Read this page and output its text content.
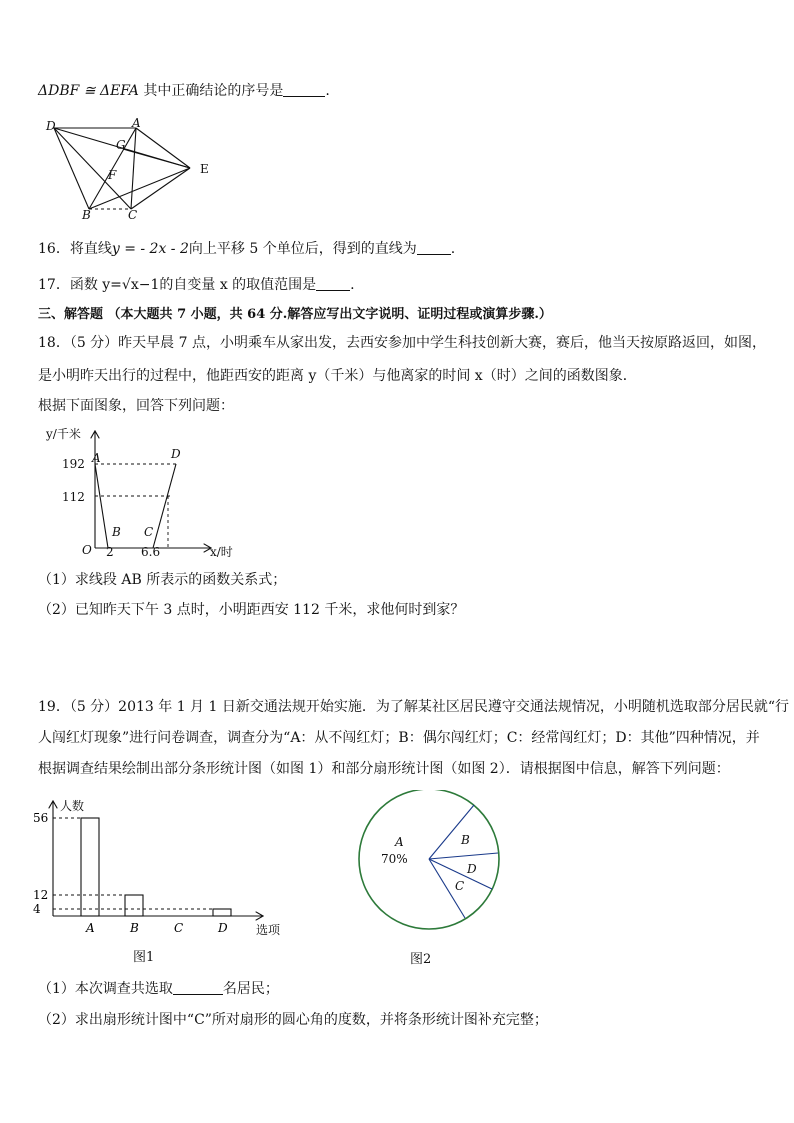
ΔDBF ≅ ΔEFA 其中正确结论的序号是	.
D	A
G
F	E
B	C
16．将直线y = - 2x - 2向上平移 5 个单位后，得到的直线为 .
17．函数 y=√x−1的自变量 x 的取值范围是 .
三、解答题 （本大题共 7 小题，共 64 分.解答应写出文字说明、证明过程或演算步骤.）
18．（5 分）昨天早晨 7 点，小明乘车从家出发，去西安参加中学生科技创新大赛，赛后，他当天按原路返回，如图，
是小明昨天出行的过程中，他距西安的距离 y（千米）与他离家的时间 x（时）之间的函数图象．
根据下面图象，回答下列问题：
y/千米
192
112
O 2 6.6	x/时
A
B C
D
（1）求线段 AB 所表示的函数关系式；
（2）已知昨天下午 3 点时，小明距西安 112 千米，求他何时到家？
19．（5 分）2013 年 1 月 1 日新交通法规开始实施．为了解某社区居民遵守交通法规情况，小明随机选取部分居民就“行
人闯红灯现象”进行问卷调查，调查分为“A：从不闯红灯；B：偶尔闯红灯；C：经常闯红灯；D：其他”四种情况，并
根据调查结果绘制出部分条形统计图（如图 1）和部分扇形统计图（如图 2）．请根据图中信息，解答下列问题：
A	B	C	D
56
12
4
人数
选项
图1
A
70%
B
D
C
图2
（1）本次调查共选取	名居民；
（2）求出扇形统计图中“C”所对扇形的圆心角的度数，并将条形统计图补充完整；
